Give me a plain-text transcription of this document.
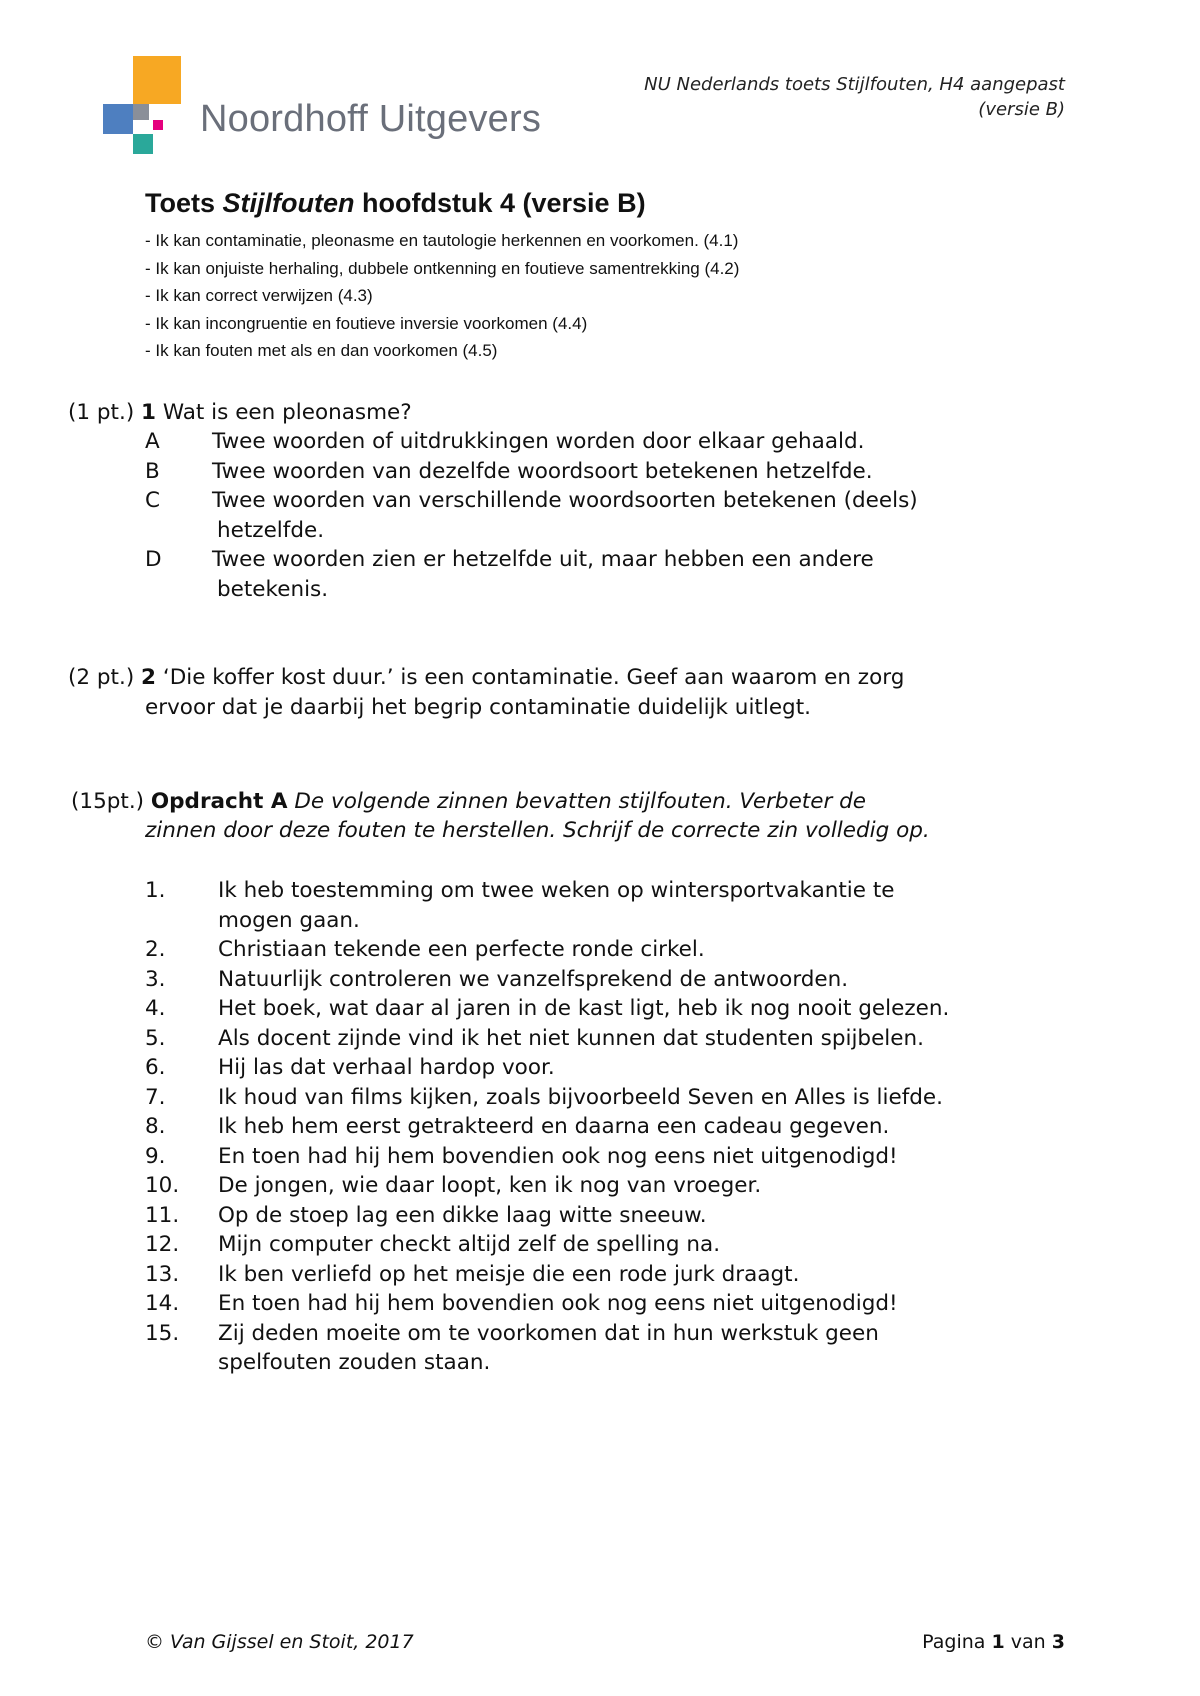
Noordhoff Uitgevers
NU Nederlands toets Stijlfouten, H4 aangepast
(versie B)
Toets Stijlfouten hoofdstuk 4 (versie B)
- Ik kan contaminatie, pleonasme en tautologie herkennen en voorkomen. (4.1)
- Ik kan onjuiste herhaling, dubbele ontkenning en foutieve samentrekking (4.2)
- Ik kan correct verwijzen (4.3)
- Ik kan incongruentie en foutieve inversie voorkomen (4.4)
- Ik kan fouten met als en dan voorkomen (4.5)
(1 pt.) 1 Wat is een pleonasme?
A Twee woorden of uitdrukkingen worden door elkaar gehaald.
B Twee woorden van dezelfde woordsoort betekenen hetzelfde.
C Twee woorden van verschillende woordsoorten betekenen (deels)
hetzelfde.
D Twee woorden zien er hetzelfde uit, maar hebben een andere
betekenis.
(2 pt.) 2 ‘Die koffer kost duur.’ is een contaminatie. Geef aan waarom en zorg
ervoor dat je daarbij het begrip contaminatie duidelijk uitlegt.
(15pt.) Opdracht A De volgende zinnen bevatten stijlfouten. Verbeter de
zinnen door deze fouten te herstellen. Schrijf de correcte zin volledig op.
1. Ik heb toestemming om twee weken op wintersportvakantie te
mogen gaan.
2. Christiaan tekende een perfecte ronde cirkel.
3. Natuurlijk controleren we vanzelfsprekend de antwoorden.
4. Het boek, wat daar al jaren in de kast ligt, heb ik nog nooit gelezen.
5. Als docent zijnde vind ik het niet kunnen dat studenten spijbelen.
6. Hij las dat verhaal hardop voor.
7. Ik houd van films kijken, zoals bijvoorbeeld Seven en Alles is liefde.
8. Ik heb hem eerst getrakteerd en daarna een cadeau gegeven.
9. En toen had hij hem bovendien ook nog eens niet uitgenodigd!
10. De jongen, wie daar loopt, ken ik nog van vroeger.
11. Op de stoep lag een dikke laag witte sneeuw.
12. Mijn computer checkt altijd zelf de spelling na.
13. Ik ben verliefd op het meisje die een rode jurk draagt.
14. En toen had hij hem bovendien ook nog eens niet uitgenodigd!
15. Zij deden moeite om te voorkomen dat in hun werkstuk geen
spelfouten zouden staan.
© Van Gijssel en Stoit, 2017	Pagina 1 van 3
